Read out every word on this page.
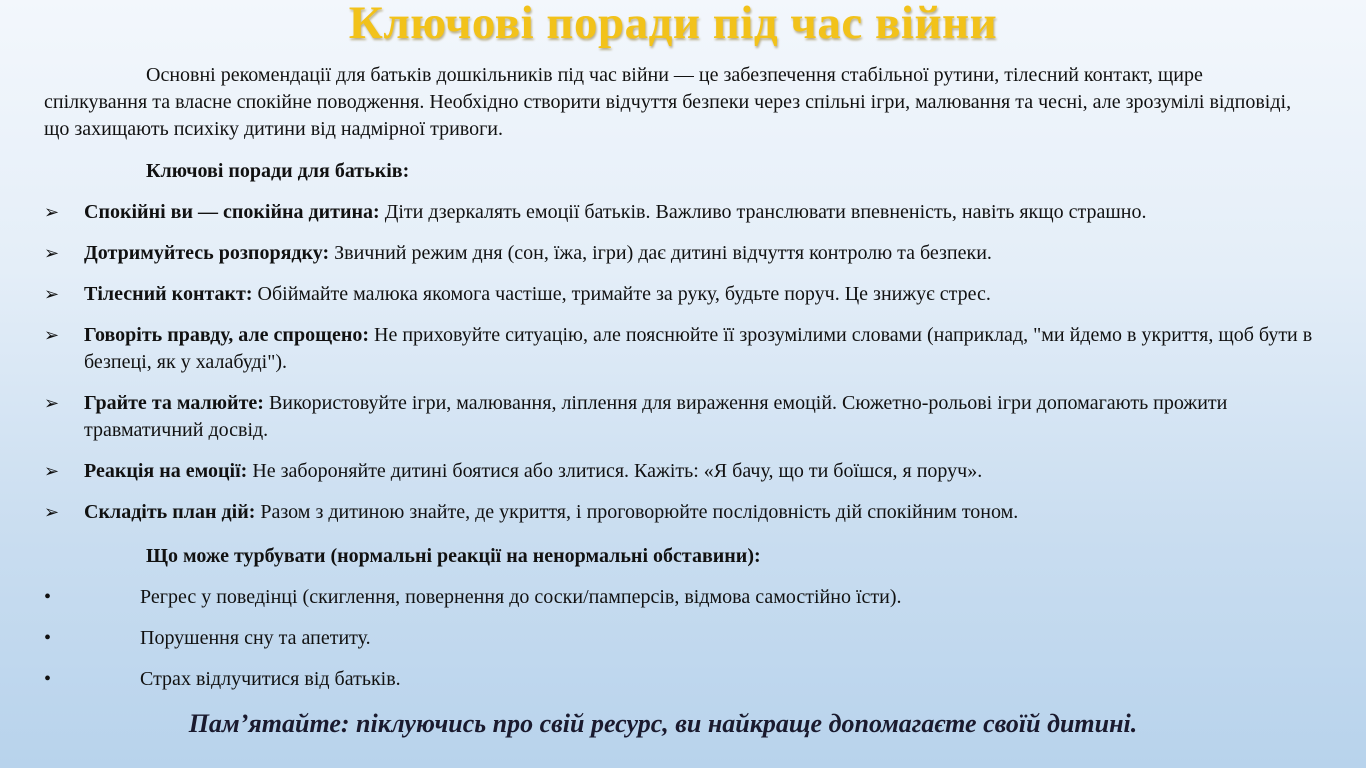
Ключові поради під час війни

Основні рекомендації для батьків дошкільників під час війни — це забезпечення стабільної рутини, тілесний контакт, щире спілкування та власне спокійне поводження. Необхідно створити відчуття безпеки через спільні ігри, малювання та чесні, але зрозумілі відповіді, що захищають психіку дитини від надмірної тривоги.

Ключові поради для батьків:

➢ Спокійні ви — спокійна дитина: Діти дзеркалять емоції батьків. Важливо транслювати впевненість, навіть якщо страшно.
➢ Дотримуйтесь розпорядку: Звичний режим дня (сон, їжа, ігри) дає дитині відчуття контролю та безпеки.
➢ Тілесний контакт: Обіймайте малюка якомога частіше, тримайте за руку, будьте поруч. Це знижує стрес.
➢ Говоріть правду, але спрощено: Не приховуйте ситуацію, але пояснюйте її зрозумілими словами (наприклад, "ми йдемо в укриття, щоб бути в безпеці, як у халабуді").
➢ Грайте та малюйте: Використовуйте ігри, малювання, ліплення для вираження емоцій. Сюжетно-рольові ігри допомагають прожити травматичний досвід.
➢ Реакція на емоції: Не забороняйте дитині боятися або злитися. Кажіть: «Я бачу, що ти боїшся, я поруч».
➢ Складіть план дій: Разом з дитиною знайте, де укриття, і проговорюйте послідовність дій спокійним тоном.

Що може турбувати (нормальні реакції на ненормальні обставини):

•	Регрес у поведінці (скиглення, повернення до соски/памперсів, відмова самостійно їсти).
•	Порушення сну та апетиту.
•	Страх відлучитися від батьків.

Пам’ятайте: піклуючись про свій ресурс, ви найкраще допомагаєте своїй дитині.
